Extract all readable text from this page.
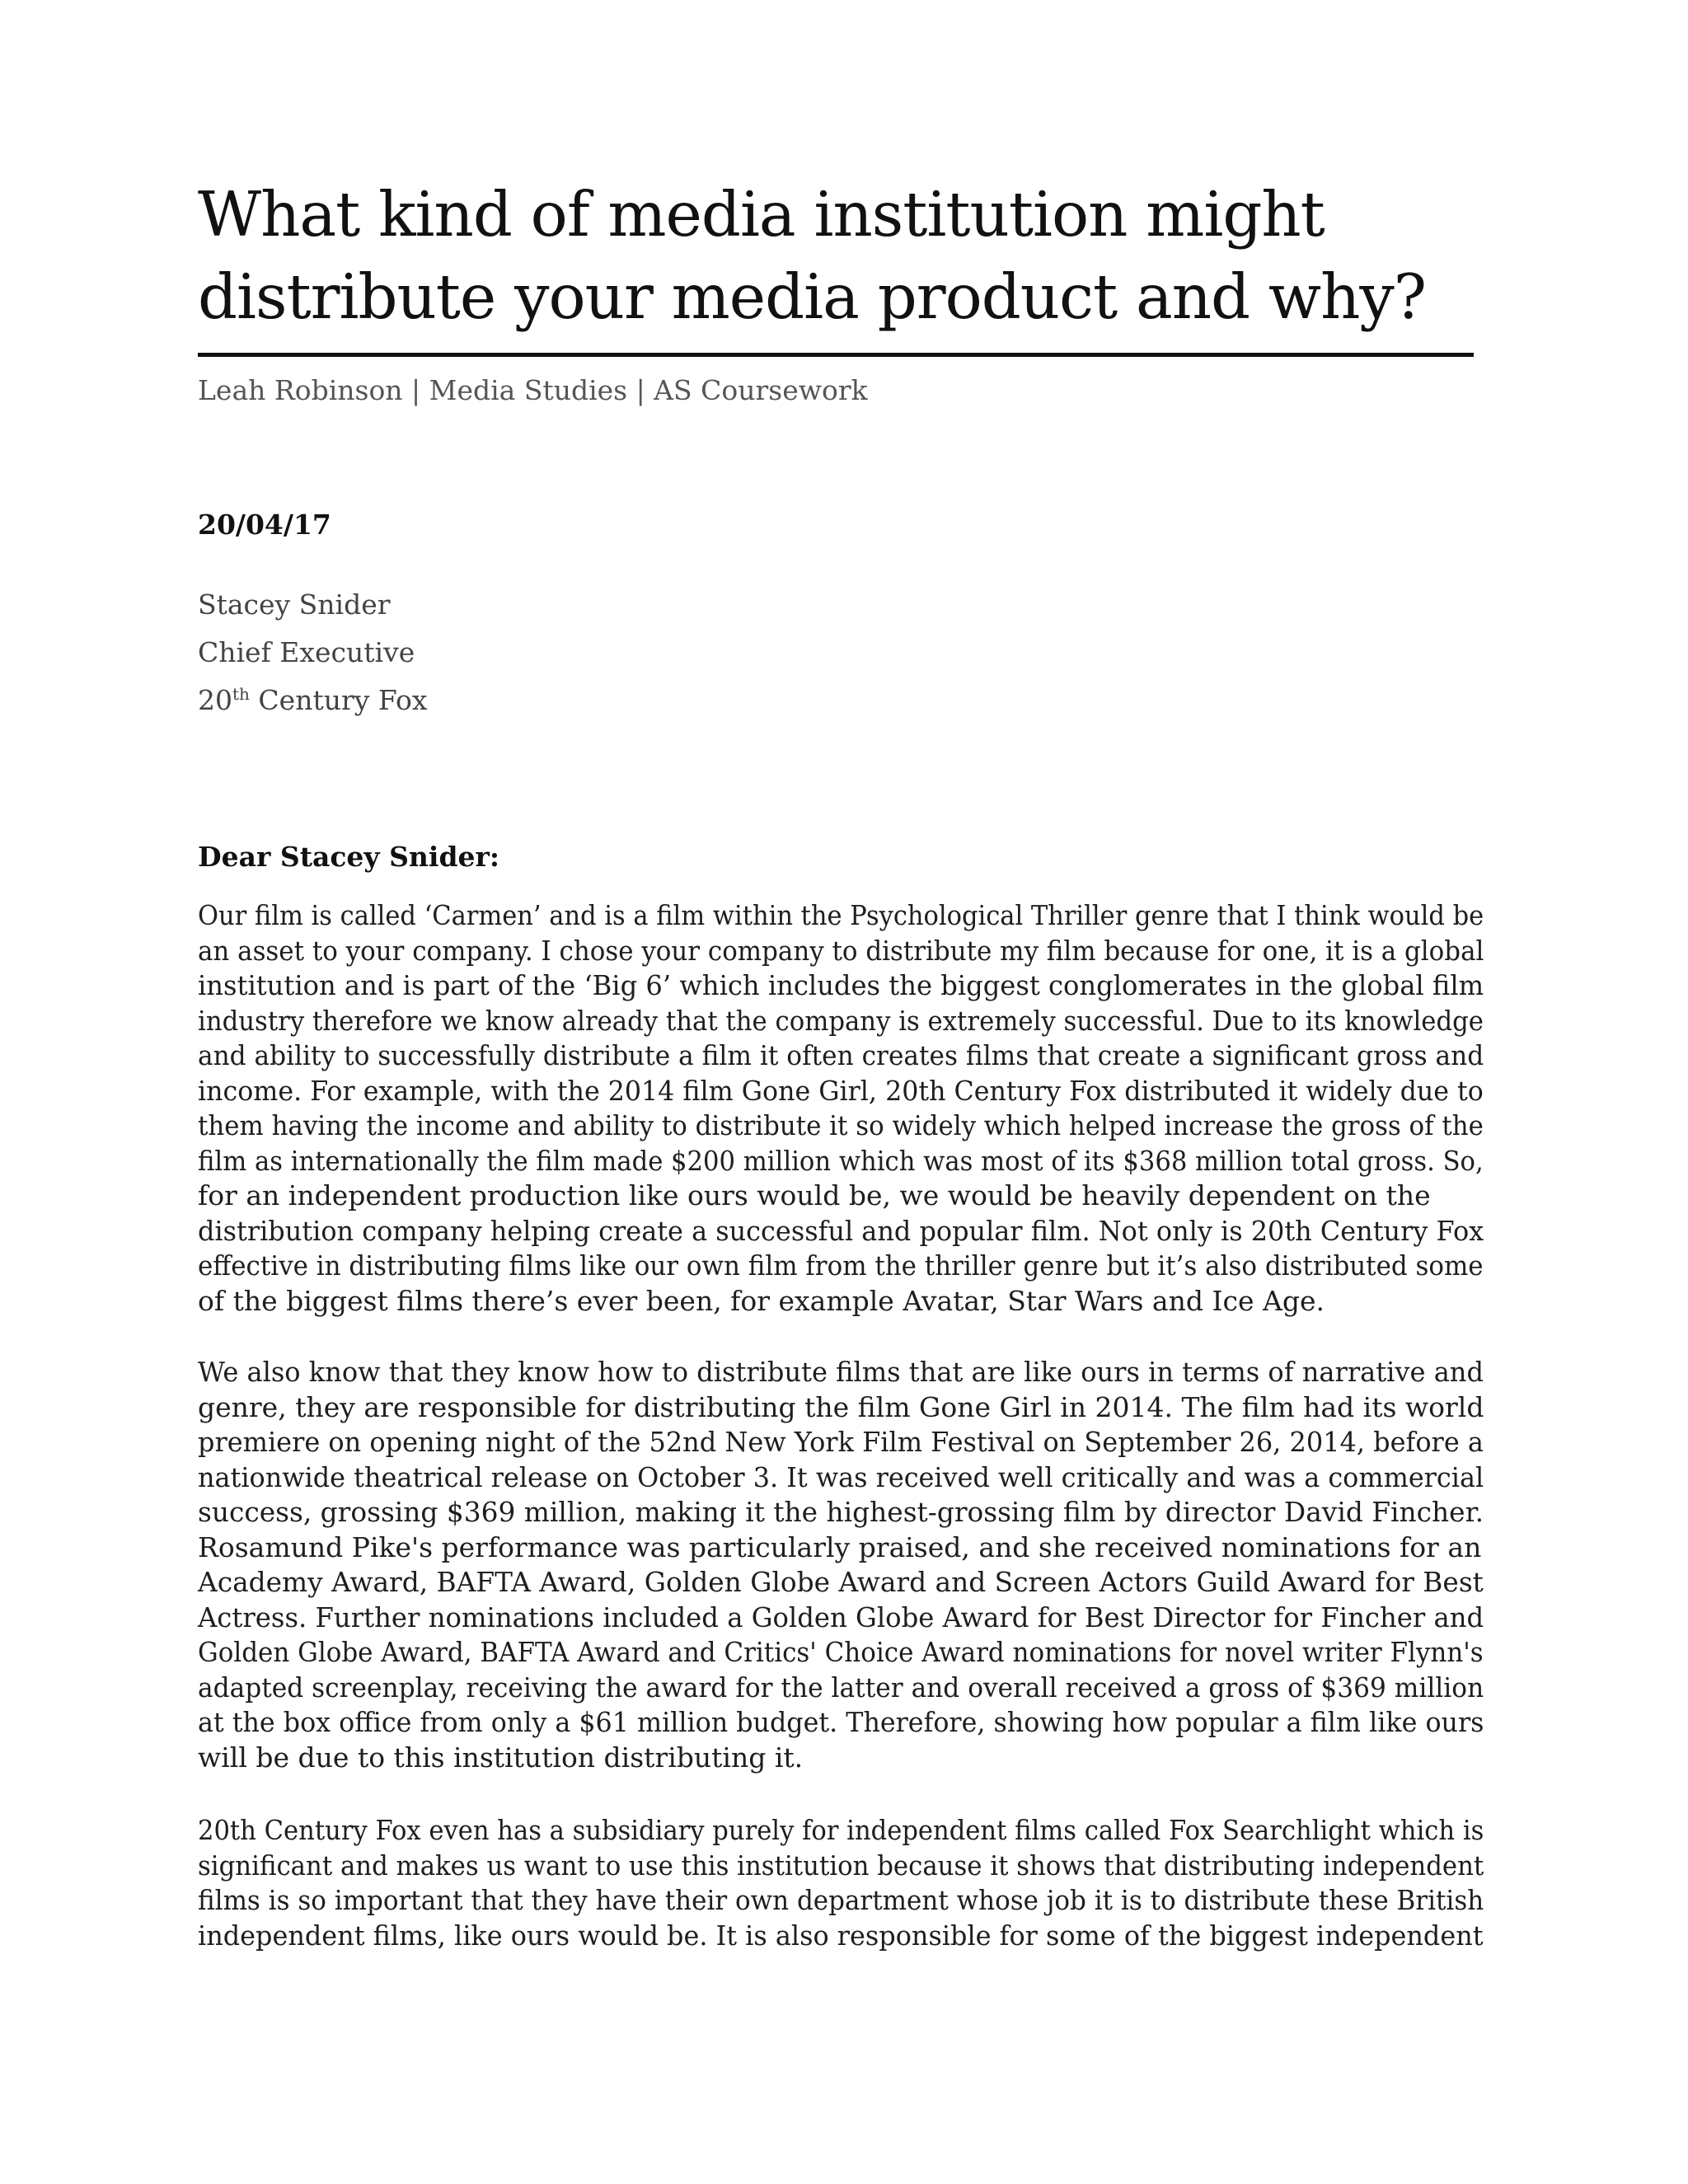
What kind of media institution might
distribute your media product and why?
Leah Robinson | Media Studies | AS Coursework
20/04/17
Stacey Snider
Chief Executive
20th Century Fox
Dear Stacey Snider:

Our film is called ‘Carmen’ and is a film within the Psychological Thriller genre that I think would be
an asset to your company. I chose your company to distribute my film because for one, it is a global
institution and is part of the ‘Big 6’ which includes the biggest conglomerates in the global film
industry therefore we know already that the company is extremely successful. Due to its knowledge
and ability to successfully distribute a film it often creates films that create a significant gross and
income. For example, with the 2014 film Gone Girl, 20th Century Fox distributed it widely due to
them having the income and ability to distribute it so widely which helped increase the gross of the
film as internationally the film made $200 million which was most of its $368 million total gross. So,
for an independent production like ours would be, we would be heavily dependent on the
distribution company helping create a successful and popular film. Not only is 20th Century Fox
effective in distributing films like our own film from the thriller genre but it’s also distributed some
of the biggest films there’s ever been, for example Avatar, Star Wars and Ice Age.

We also know that they know how to distribute films that are like ours in terms of narrative and
genre, they are responsible for distributing the film Gone Girl in 2014. The film had its world
premiere on opening night of the 52nd New York Film Festival on September 26, 2014, before a
nationwide theatrical release on October 3. It was received well critically and was a commercial
success, grossing $369 million, making it the highest-grossing film by director David Fincher.
Rosamund Pike's performance was particularly praised, and she received nominations for an
Academy Award, BAFTA Award, Golden Globe Award and Screen Actors Guild Award for Best
Actress. Further nominations included a Golden Globe Award for Best Director for Fincher and
Golden Globe Award, BAFTA Award and Critics' Choice Award nominations for novel writer Flynn's
adapted screenplay, receiving the award for the latter and overall received a gross of $369 million
at the box office from only a $61 million budget. Therefore, showing how popular a film like ours
will be due to this institution distributing it.

20th Century Fox even has a subsidiary purely for independent films called Fox Searchlight which is
significant and makes us want to use this institution because it shows that distributing independent
films is so important that they have their own department whose job it is to distribute these British
independent films, like ours would be. It is also responsible for some of the biggest independent
